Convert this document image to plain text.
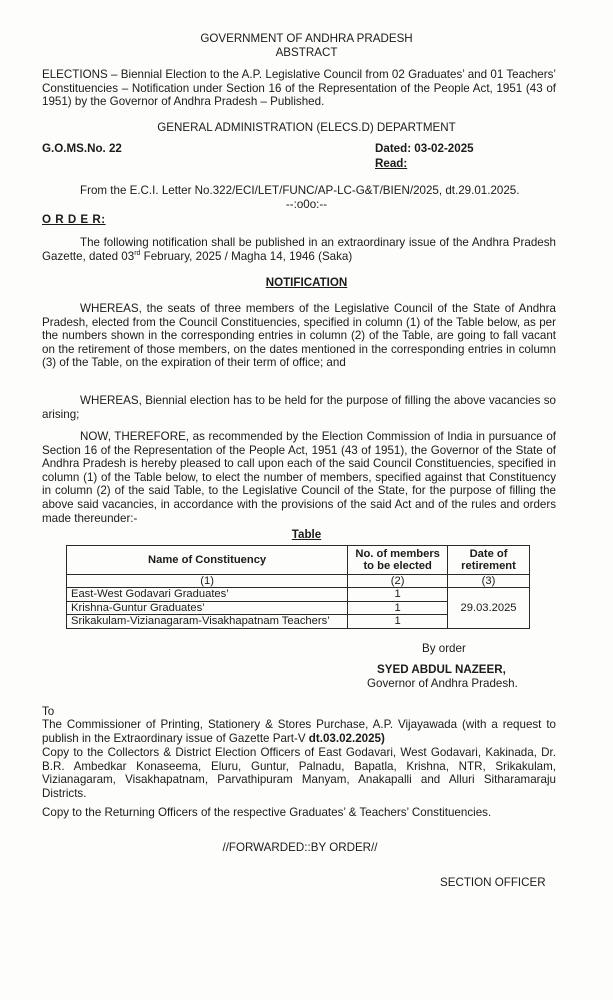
GOVERNMENT OF ANDHRA PRADESH
ABSTRACT

ELECTIONS – Biennial Election to the A.P. Legislative Council from 02 Graduates’ and 01 Teachers’ Constituencies – Notification under Section 16 of the Representation of the People Act, 1951 (43 of 1951) by the Governor of Andhra Pradesh – Published.

GENERAL ADMINISTRATION (ELECS.D) DEPARTMENT
G.O.MS.No. 22	Dated: 03-02-2025
Read:
From the E.C.I. Letter No.322/ECI/LET/FUNC/AP-LC-G&T/BIEN/2025, dt.29.01.2025.
--:o0o:--
O R D E R:

The following notification shall be published in an extraordinary issue of the Andhra Pradesh Gazette, dated 03rd February, 2025 / Magha 14, 1946 (Saka)

NOTIFICATION

WHEREAS, the seats of three members of the Legislative Council of the State of Andhra Pradesh, elected from the Council Constituencies, specified in column (1) of the Table below, as per the numbers shown in the corresponding entries in column (2) of the Table, are going to fall vacant on the retirement of those members, on the dates mentioned in the corresponding entries in column (3) of the Table, on the expiration of their term of office; and

WHEREAS, Biennial election has to be held for the purpose of filling the above vacancies so arising;

NOW, THEREFORE, as recommended by the Election Commission of India in pursuance of Section 16 of the Representation of the People Act, 1951 (43 of 1951), the Governor of the State of Andhra Pradesh is hereby pleased to call upon each of the said Council Constituencies, specified in column (1) of the Table below, to elect the number of members, specified against that Constituency in column (2) of the said Table, to the Legislative Council of the State, for the purpose of filling the above said vacancies, in accordance with the provisions of the said Act and of the rules and orders made thereunder:-

Table
Name of Constituency	No. of members to be elected	Date of retirement
(1)	(2)	(3)
East-West Godavari Graduates’	1	29.03.2025
Krishna-Guntur Graduates’	1	
Srikakulam-Vizianagaram-Visakhapatnam Teachers’	1	
By order
SYED ABDUL NAZEER,
Governor of Andhra Pradesh.
To

The Commissioner of Printing, Stationery & Stores Purchase, A.P. Vijayawada (with a request to publish in the Extraordinary issue of Gazette Part-V dt.03.02.2025)

Copy to the Collectors & District Election Officers of East Godavari, West Godavari, Kakinada, Dr. B.R. Ambedkar Konaseema, Eluru, Guntur, Palnadu, Bapatla, Krishna, NTR, Srikakulam, Vizianagaram, Visakhapatnam, Parvathipuram Manyam, Anakapalli and Alluri Sitharamaraju Districts.

Copy to the Returning Officers of the respective Graduates’ & Teachers’ Constituencies.

//FORWARDED::BY ORDER//
SECTION OFFICER
